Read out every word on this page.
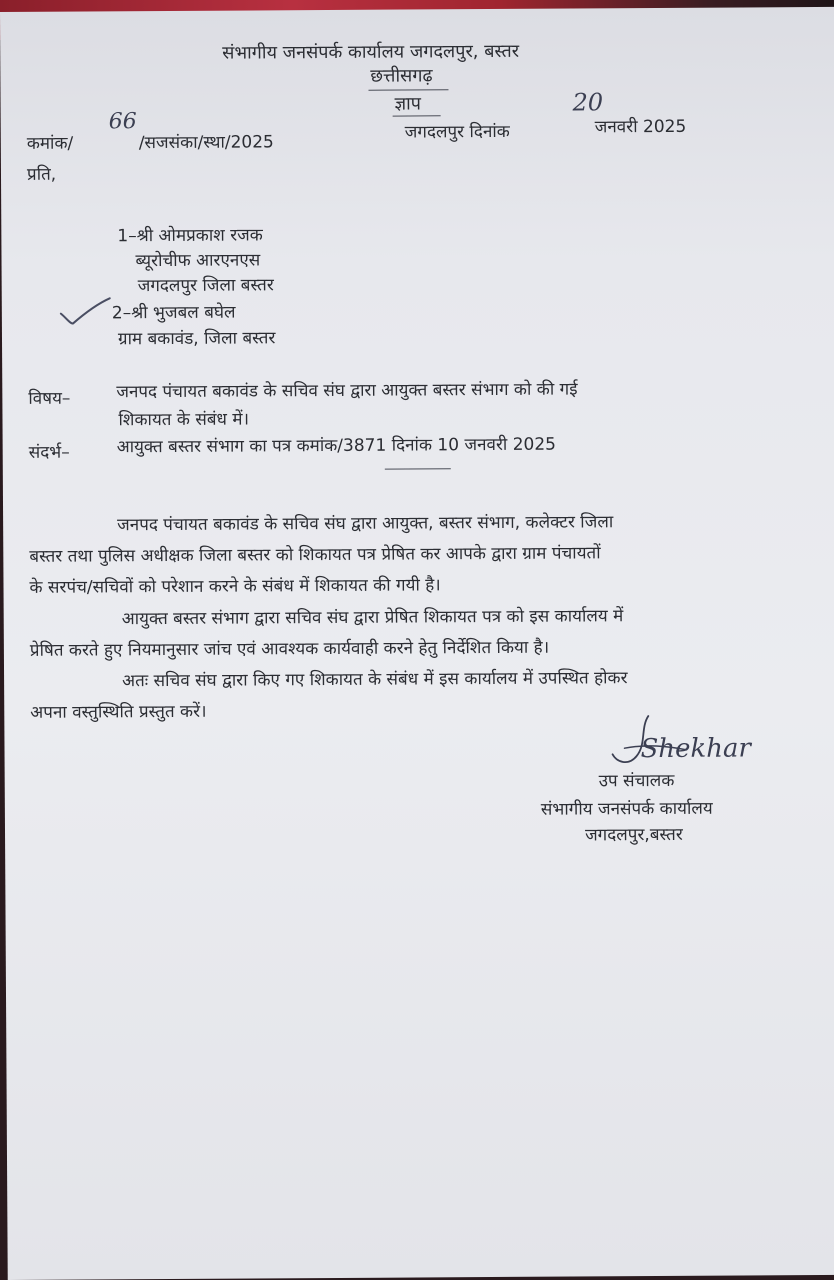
संभागीय जनसंपर्क कार्यालय जगदलपुर, बस्तर
छत्तीसगढ़
ज्ञाप
कमांक/
66
/सजसंका/स्था/2025
जगदलपुर दिनांक
20
जनवरी 2025
प्रति,
1–श्री ओमप्रकाश रजक
ब्यूरोचीफ आरएनएस
जगदलपुर जिला बस्तर
2–श्री भुजबल बघेल
ग्राम बकावंड, जिला बस्तर
विषय–	जनपद पंचायत बकावंड के सचिव संघ द्वारा आयुक्त बस्तर संभाग को की गई
शिकायत के संबंध में।
संदर्भ–	आयुक्त बस्तर संभाग का पत्र कमांक/3871 दिनांक 10 जनवरी 2025
जनपद पंचायत बकावंड के सचिव संघ द्वारा आयुक्त, बस्तर संभाग, कलेक्टर जिला
बस्तर तथा पुलिस अधीक्षक जिला बस्तर को शिकायत पत्र प्रेषित कर आपके द्वारा ग्राम पंचायतों
के सरपंच/सचिवों को परेशान करने के संबंध में शिकायत की गयी है।
आयुक्त बस्तर संभाग द्वारा सचिव संघ द्वारा प्रेषित शिकायत पत्र को इस कार्यालय में
प्रेषित करते हुए नियमानुसार जांच एवं आवश्यक कार्यवाही करने हेतु निर्देशित किया है।
अतः सचिव संघ द्वारा किए गए शिकायत के संबंध में इस कार्यालय में उपस्थित होकर
अपना वस्तुस्थिति प्रस्तुत करें।
Shekhar
उप संचालक
संभागीय जनसंपर्क कार्यालय
जगदलपुर,बस्तर
